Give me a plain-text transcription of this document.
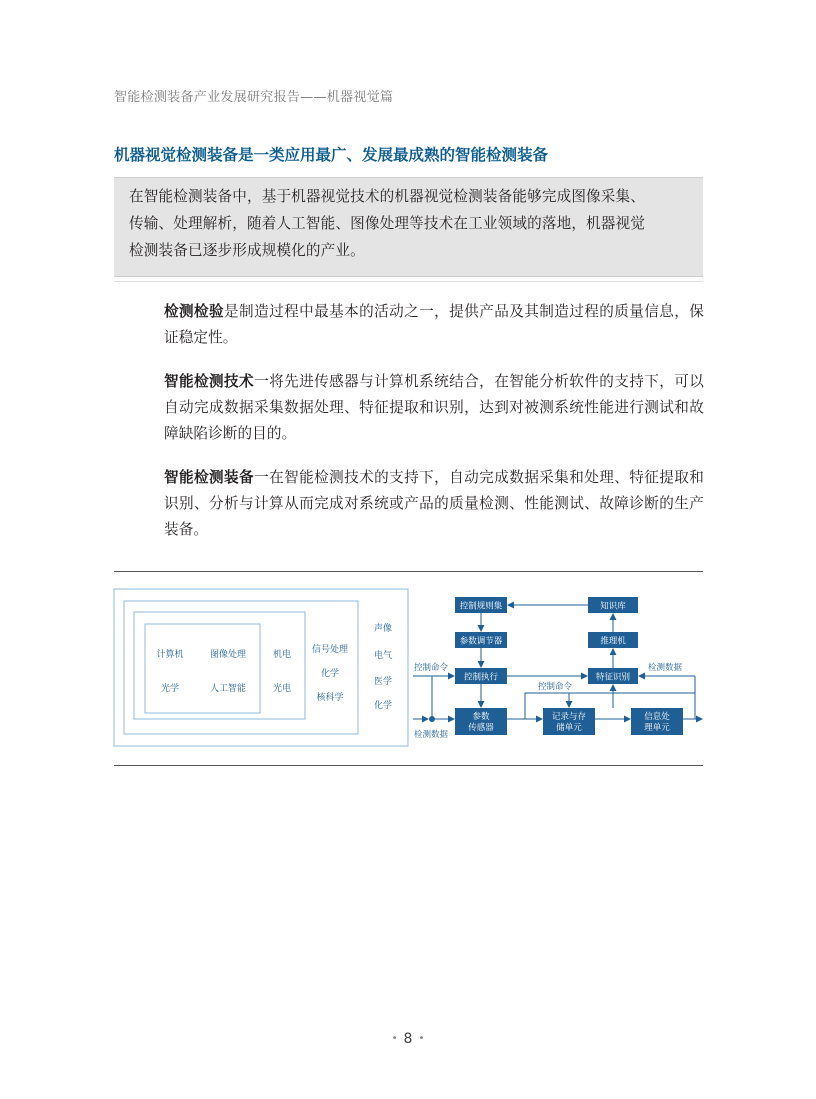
智能检测装备产业发展研究报告——机器视觉篇
机器视觉检测装备是一类应用最广、发展最成熟的智能检测装备
在智能检测装备中，基于机器视觉技术的机器视觉检测装备能够完成图像采集、
传输、处理解析，随着人工智能、图像处理等技术在工业领域的落地，机器视觉
检测装备已逐步形成规模化的产业。
检测检验是制造过程中最基本的活动之一，提供产品及其制造过程的质量信息，保证稳定性。
智能检测技术一将先进传感器与计算机系统结合，在智能分析软件的支持下，可以自动完成数据采集数据处理、特征提取和识别，达到对被测系统性能进行测试和故障缺陷诊断的目的。
智能检测装备一在智能检测技术的支持下，自动完成数据采集和处理、特征提取和识别、分析与计算从而完成对系统或产品的质量检测、性能测试、故障诊断的生产装备。
计算机	图像处理
光学	人工智能
机电
光电
信号处理
化学
核科学
声像
电气
医学
化学
控制规则集	知识库
参数调节器	推理机
控制执行	特征识别
参数
传感器
记录与存
储单元
信息处
理单元
控制命令
控制命令
检测数据
检测数据
• 8 •
